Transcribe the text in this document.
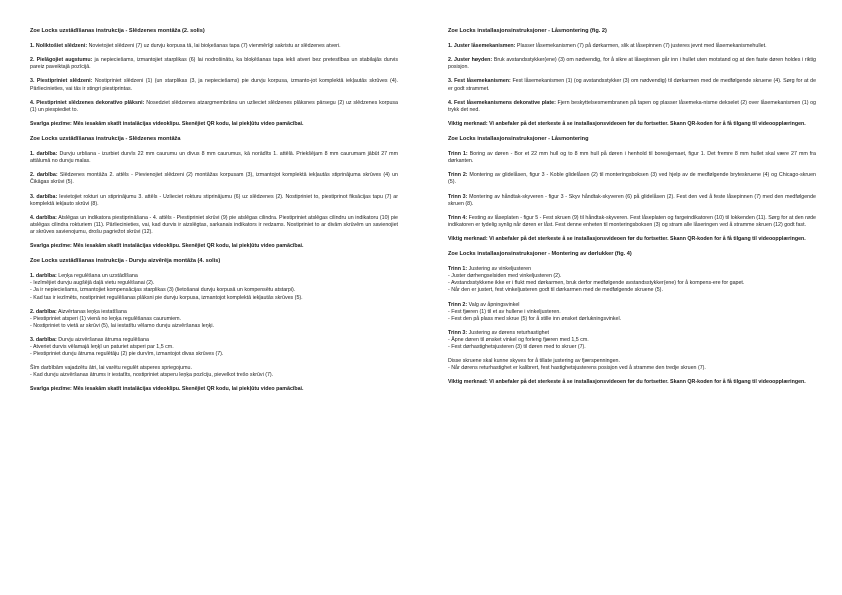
Zoe Locks uzstādīšanas instrukcija - Slēdzenes montāža (2. solis)

1. Noliktošiet slēdzeni: Novietojiet slēdzeni (7) uz durvju korpusa tā, lai bioķešanas tapa (7) vienmērīgi sakristu ar slēdzenes atveri.

2. Pielāgojiet augstumu: ja nepieciešams, izmantojiet starplikas (6) lai nodrošinātu, ka bloķēšanas tapa iekš atveri bez pretestības un stabilajās durvis pareiz paveiktajā pozīcijā.

3. Piestipriniet slēdzeni: Nostipriniet slēdzeni (1) (un starplikas (3, ja nepieciešams) pie durvju korpusa, izmanto-jot komplektā iekļautās skrūves (4). Pārliecinieties, vai tās ir stingri piestiprintas.

4. Piestipriniet slēdzenes dekoratīvo plāksni: Nosedziet slēdzenes atzargmembrānu un uzlieciet slēdzenes plāksnes pārsegu (2) uz slēdzenes korpusa (1) un piespiediet to.

Svarīga piezīme: Mēs iesakām skatīt instalācijas videoklipu. Skenējiet QR kodu, lai piekļūtu video pamācībai.
Zoe Locks uzstādīšanas instrukcija - Slēdzenes montāža

1. darbība: Durvju urbšana - izurbiet durvīs 22 mm caurumu un divus 8 mm caurumus, kā norādīts 1. attēlā. Priekšējam 8 mm caurumam jābūt 27 mm attālumā no durvju malas.

2. darbība: Slēdzenes montāža 2. attēls - Pievienojiet slēdzeni (2) montāžas korpusam (3), izmantojot komplektā iekļautās stiprinājuma skrūves (4) un Čikāgas skrūvi (5).

3. darbība: Ievietojiet rokturi un stiprinājumu 3. attēls - Uzlieciet rokturu stiprinājumu (6) uz slēdzenes (2). Nostipriniet to, piestiprinot fiksācijas tapu (7) ar komplektā iekļauto skrūvi (8).

4. darbība: Atslēgas un indikatora piestiprināšana - 4. attēls - Piestipriniet skrūvi (9) pie atslēgas cilindra. Piestipriniet atslēgas cilindru un indikatoru (10) pie atslēgas cilindra rokturiem (11). Pārliecinieties, vai, kad durvis ir aizslēgtas, sarkanais indikators ir redzams. Nostipriniet to ar divām skrūvēm un savienojiet ar skrūves savienojumu, drošu pagriežot skrūvi (12).

Svarīga piezīme: Mēs iesakām skatīt instalācijas videoklipu. Skenējiet QR kodu, lai piekļūtu video pamācībai.
Zoe Locks uzstādīšanas instrukcija - Durvju aizvērēja montāža (4. solis)

1. darbība: Leņķa regulēšana un uzstādīšana
- Iezīmējiet durvju augšējā daļā vietu regulēšanai (2).
- Ja ir nepieciešams, izmantojiet kompensācijas starplikas (3) (lietošanai durvju korpusā un kompensētu atstarpi).
- Kad tas ir iezīmēts, nostipriniet regulēšanas plāksni pie durvju korpusa, izmantojot komplektā iekļautās skrūves (5).

2. darbība: Aizvērtanas leņķa iestatīšana
- Piestipriniet atsperi (1) vienā no leņķa regulēšanas caurumiem.
- Nostipriniet to vietā ar skrūvi (5), lai iestatītu vēlamo durvju aizvēršanas leņķi.

3. darbība: Durvju aizvēršanas ātruma regulēšana
- Atveriet durvis vēlamajā leņķī un paturiet atsperi par 1,5 cm.
- Piestipriniet durvju ātruma regulētāju (2) pie durvīm, izmantojot divas skrūves (7).

Šīm darbībām vajadzētu ātri, lai varētu regulēt atsperes spriegojumu.
- Kad durvju aizvēršanas ātrums ir iestatīts, nostipriniet atsperu leņķa pozīciju, pievelkot trešo skrūvi (7).

Svarīga piezīme: Mēs iesakām skatīt instalācijas videoklipu. Skenējiet QR kodu, lai piekļūtu video pamācībai.
Zoe Locks installasjonsinstruksjoner - Låsmontering (fig. 2)

1. Juster låsemekanismen: Plasser låsemekanismen (7) på dørkarmen, slik at låsepinnen (7) justeres jevnt med låsemekanismehullet.

2. Juster høyden: Bruk avstandsstykker(ene) (3) om nødvendig, for å sikre at låsepinnen går inn i hullet uten motstand og at den faste døren holdes i riktig posisjon.

3. Fest låsemekanismen: Fest låsemekanismen (1) (og avstandsstykker (3) om nødvendig) til dørkarmen med de medfølgende skruene (4). Sørg for at de er godt strammet.

4. Fest låsemekanismens dekorative plate: Fjern beskyttelsesmembranen på tapen og plasser låsemeka-nisme dekselet (2) over låsemekanismen (1) og trykk det ned.

Viktig merknad: Vi anbefaler på det sterkeste å se installasjonsvideoen før du fortsetter. Skann QR-koden for å få tilgang til videoopplæringen.
Zoe Locks installasjonsinstruksjoner - Låsmontering

Trinn 1: Boring av døren - Bor et 22 mm hull og to 8 mm hull på døren i henhold til boresjjemaet, figur 1. Det fremre 8 mm hullet skal være 27 mm fra dørkanten.

Trinn 2: Montering av glidelåsen, figur 3 - Koble glidelåsen (2) til monteringsboksen (3) ved hjelp av de medfølgende bryteskruene (4) og Chicago-skruen (5).

Trinn 3: Montering av håndtak-skyveren - figur 3 - Skyv håndtak-skyveren (6) på glidelåsen (2). Fest den ved å feste låsepinnen (7) med den medfølgende skruen (8).

Trinn 4: Festing av låseplaten - figur 5 - Fest skruen (9) til håndtak-skyveren. Fest låseplaten og fargeindikatoren (10) til lokkenden (11). Sørg for at den røde indikatoren er tydelig synlig når døren er låst. Fest denne enheten til monteringsboksen (3) og stram alle låseringen ved å stramme skruen (12) godt fast.

Viktig merknad: Vi anbefaler på det sterkeste å se installasjonsvideoen før du fortsetter. Skann QR-koden for å få tilgang til videoopplæringen.
Zoe Locks installasjonsinstruksjoner - Montering av dørlukker (fig. 4)

Trinn 1: Justering av vinkeljusteren
- Juster dørhengselsiden med vinkeljusteren (2).
- Avstandsstykkene ikke er i flukt med dørkarmen, bruk derfor medfølgende avstandsstykker(ene) for å kompens-ere for gapet.
- Når den er justert, fest vinkeljusteren godt til dørkarmen med de medfølgende skruene (5).

Trinn 2: Valg av åpningsvinkel
- Fest fjæren (1) til et av hullene i vinkeljusteren.
- Fest den på plass med skrue (5) for å stille inn ønsket dørlukningsvinkel.

Trinn 3: Justering av dørens returhastighet
- Åpne døren til ønsket vinkel og forleng fjæren med 1,5 cm.
- Fest dørhastighetsjusteren (3) til døren med to skruer (7).

Disse skruene skal kunne skyves for å tillate justering av fjærspenningen.
- Når dørens returhastighet er kalibrert, fest hastighetsjusterens posisjon ved å stramme den tredje skruen (7).

Viktig merknad: Vi anbefaler på det sterkeste å se installasjonsvideoen før du fortsetter. Skann QR-koden for å få tilgang til videoopplæringen.
